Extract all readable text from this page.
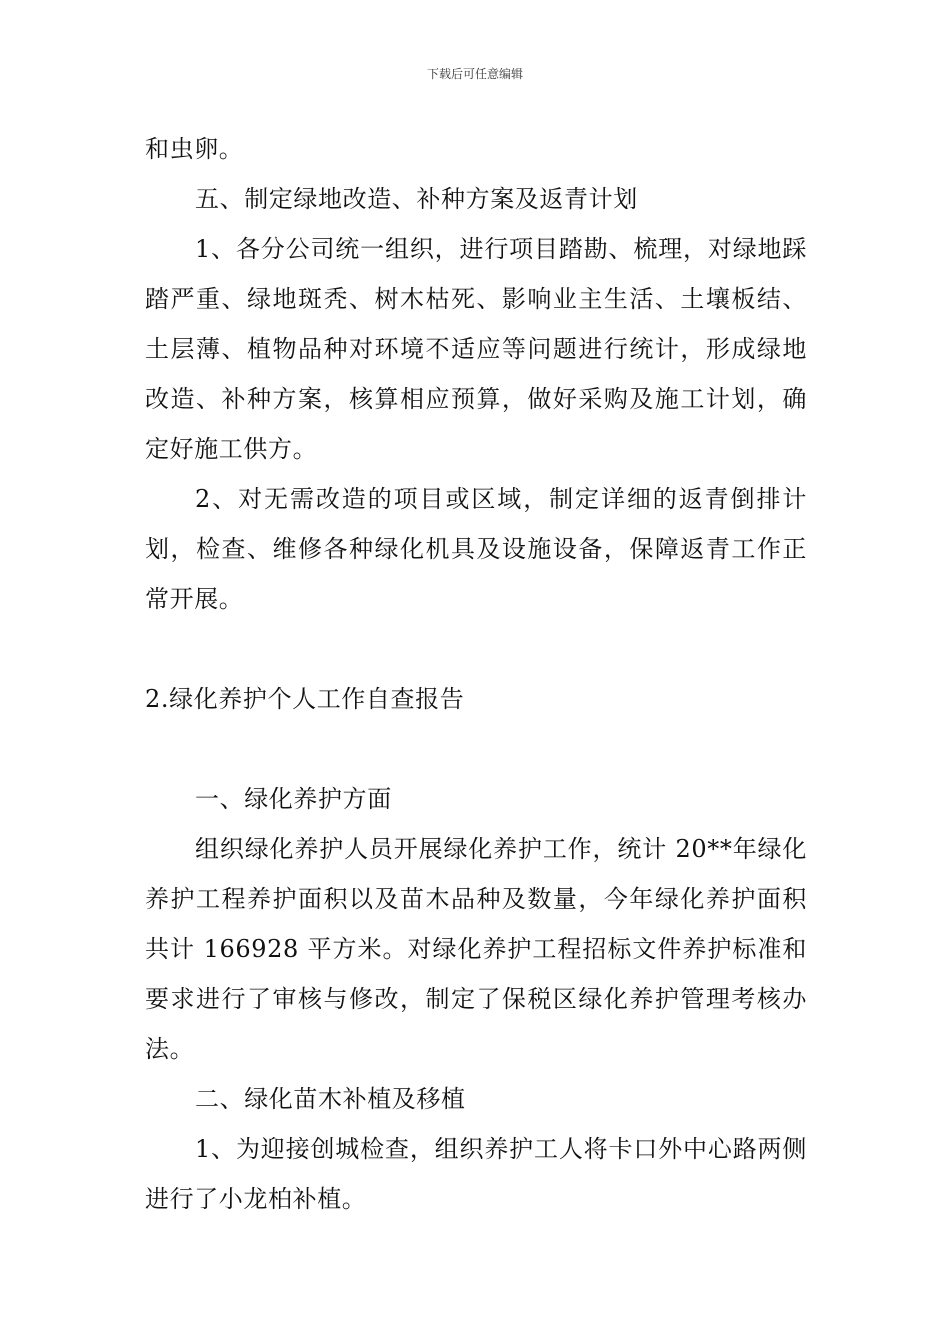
下载后可任意编辑

和虫卵。

五、制定绿地改造、补种方案及返青计划

1、各分公司统一组织，进行项目踏勘、梳理，对绿地踩踏严重、绿地斑秃、树木枯死、影响业主生活、土壤板结、土层薄、植物品种对环境不适应等问题进行统计，形成绿地改造、补种方案，核算相应预算，做好采购及施工计划，确定好施工供方。

2、对无需改造的项目或区域，制定详细的返青倒排计划，检查、维修各种绿化机具及设施设备，保障返青工作正常开展。

2.绿化养护个人工作自查报告

一、绿化养护方面

组织绿化养护人员开展绿化养护工作，统计 20**年绿化养护工程养护面积以及苗木品种及数量，今年绿化养护面积共计 166928 平方米。对绿化养护工程招标文件养护标准和要求进行了审核与修改，制定了保税区绿化养护管理考核办法。

二、绿化苗木补植及移植

1、为迎接创城检查，组织养护工人将卡口外中心路两侧进行了小龙柏补植。
